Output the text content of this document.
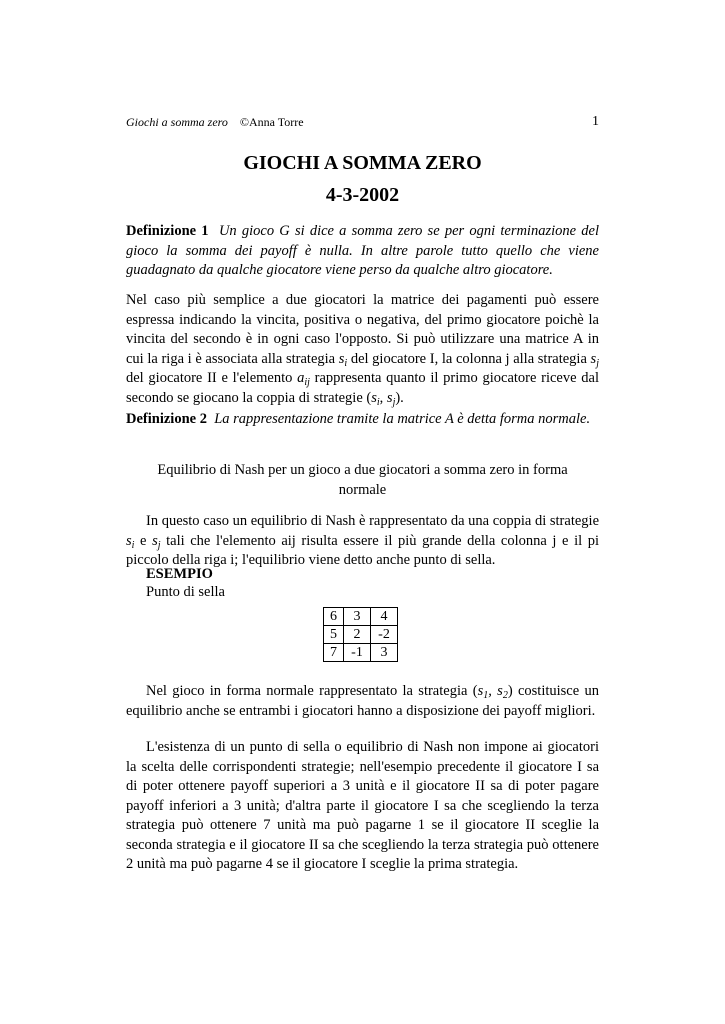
Giochi a somma zero ©Anna Torre	1
GIOCHI A SOMMA ZERO
4-3-2002
Definizione 1 Un gioco G si dice a somma zero se per ogni terminazione del gioco la somma dei payoff è nulla. In altre parole tutto quello che viene guadagnato da qualche giocatore viene perso da qualche altro giocatore.
Nel caso più semplice a due giocatori la matrice dei pagamenti può essere espressa indicando la vincita, positiva o negativa, del primo giocatore poichè la vincita del secondo è in ogni caso l'opposto. Si può utilizzare una matrice A in cui la riga i è associata alla strategia $s_i$ del giocatore I, la colonna j alla strategia $s_j$ del giocatore II e l'elemento $a_{ij}$ rappresenta quanto il primo giocatore riceve dal secondo se giocano la coppia di strategie ($s_i$, $s_j$).
Definizione 2 La rappresentazione tramite la matrice A è detta forma normale.
Equilibrio di Nash per un gioco a due giocatori a somma zero in forma normale
In questo caso un equilibrio di Nash è rappresentato da una coppia di strategie $s_i$ e $s_j$ tali che l'elemento aij risulta essere il più grande della colonna j e il pi piccolo della riga i; l'equilibrio viene detto anche punto di sella.
ESEMPIO
Punto di sella
6	3	4
5	2	-2
7	-1	3
Nel gioco in forma normale rappresentato la strategia ($s_1$, $s_2$) costituisce un equilibrio anche se entrambi i giocatori hanno a disposizione dei payoff migliori.
L'esistenza di un punto di sella o equilibrio di Nash non impone ai giocatori la scelta delle corrispondenti strategie; nell'esempio precedente il giocatore I sa di poter ottenere payoff superiori a 3 unità e il giocatore II sa di poter pagare payoff inferiori a 3 unità; d'altra parte il giocatore I sa che scegliendo la terza strategia può ottenere 7 unità ma può pagarne 1 se il giocatore II sceglie la seconda strategia e il giocatore II sa che scegliendo la terza strategia può ottenere 2 unità ma può pagarne 4 se il giocatore I sceglie la prima strategia.
